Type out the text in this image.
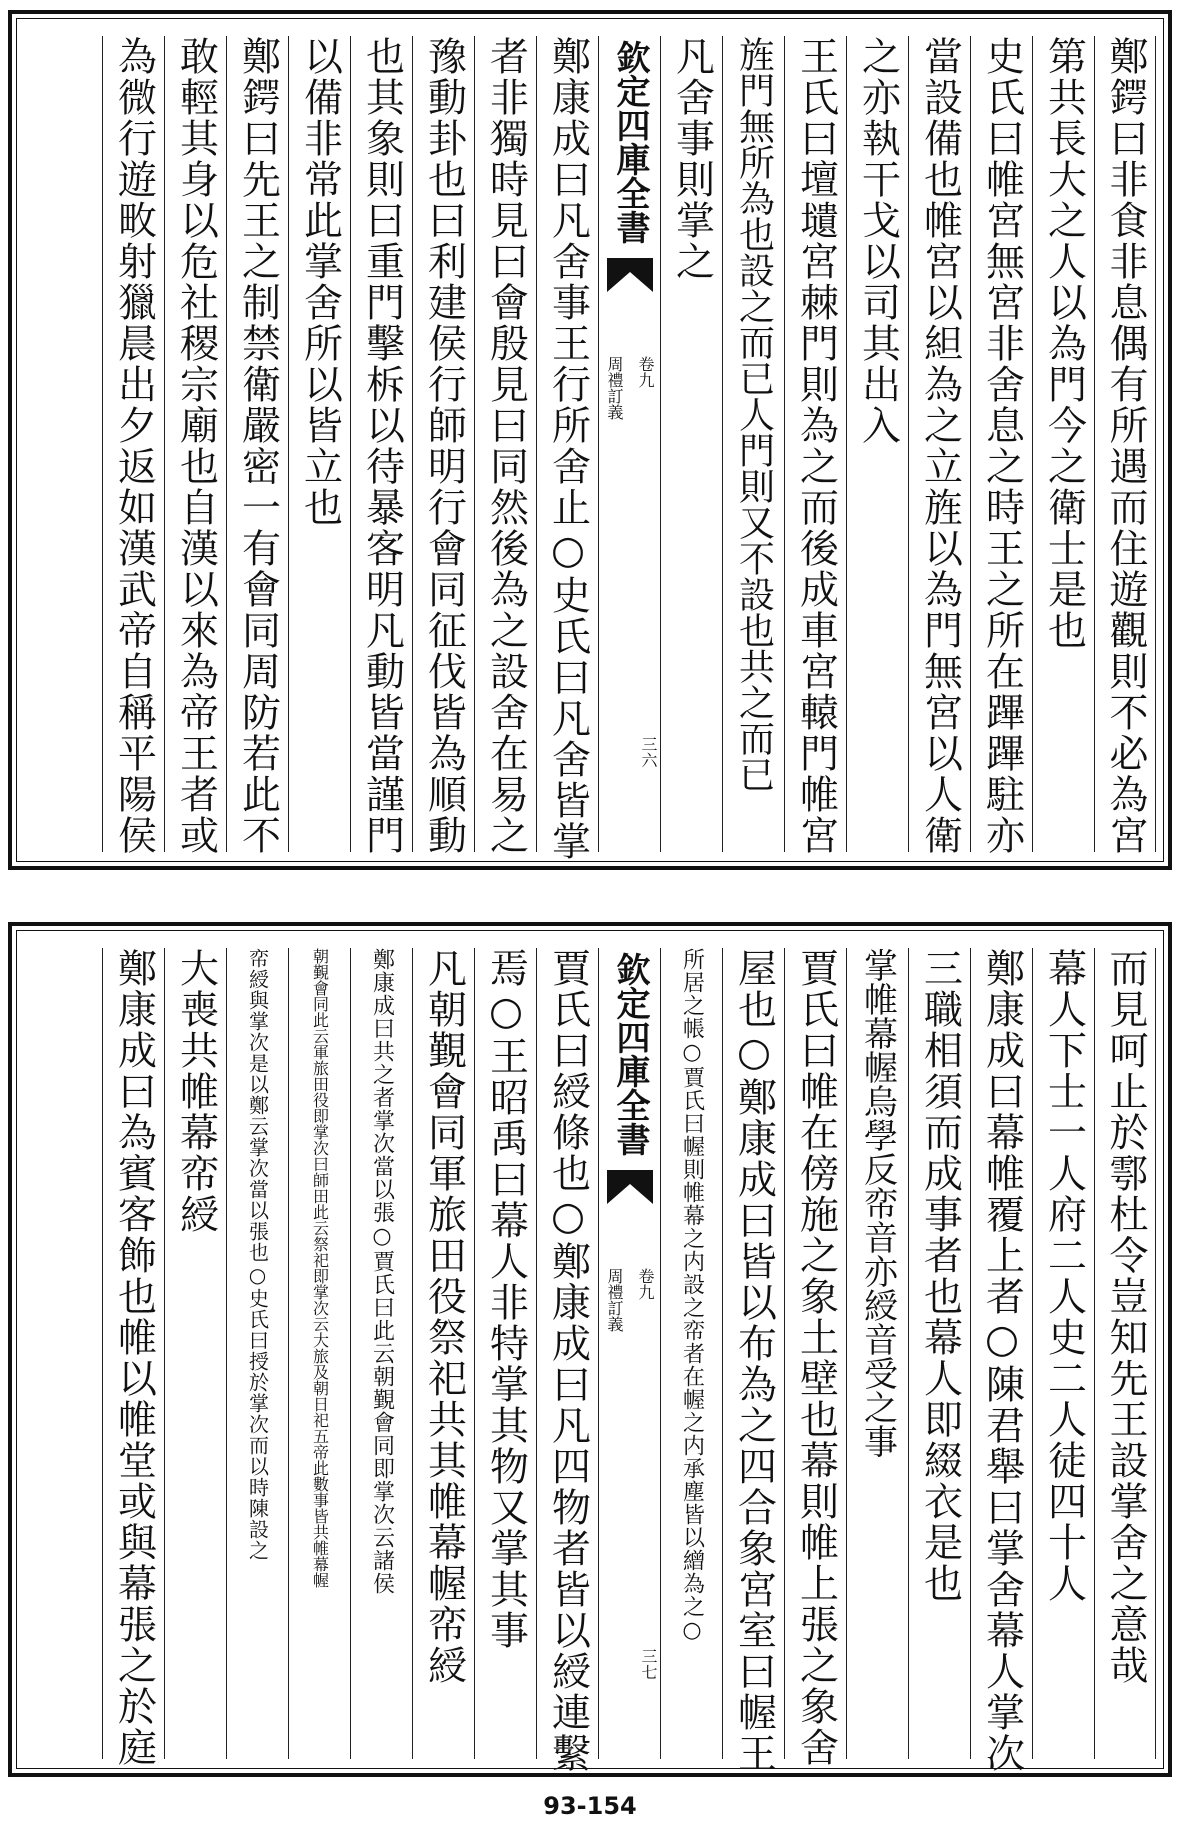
鄭鍔曰非食非息偶有所遇而住遊觀則不必為宮
第共長大之人以為門今之衛士是也
史氏曰帷宮無宮非舍息之時王之所在蹕蹕駐亦
當設備也帷宮以䋎為之立旌以為門無宮以人衛
之亦執干戈以司其出入
王氏曰壇壝宮棘門則為之而後成車宮轅門帷宮
旌門無所為也設之而已人門則又不設也共之而已
凡舍事則掌之
欽定四庫全書
周禮訂義 卷九
三六
鄭康成曰凡舍事王行所舍止○史氏曰凡舍皆掌
者非獨時見曰會殷見曰同然後為之設舍在易之
豫動卦也曰利建侯行師明行會同征伐皆為順動
也其象則曰重門擊柝以待暴客明凡動皆當謹門
以備非常此掌舍所以皆立也
鄭鍔曰先王之制禁衛嚴密一有會同周防若此不
敢輕其身以危社稷宗廟也自漢以來為帝王者或
為微行遊畋射獵晨出夕返如漢武帝自稱平陽侯
而見呵止於鄠杜令豈知先王設掌舍之意哉
幕人下士一人府二人史二人徒四十人
鄭康成曰幕帷覆上者○陳君舉曰掌舍幕人掌次
三職相須而成事者也幕人即綴衣是也
掌帷幕幄烏學反帟音亦綬音受之事
賈氏曰帷在傍施之象土壁也幕則帷上張之象舍
屋也○鄭康成曰皆以布為之四合象宮室曰幄王
所居之帳○賈氏曰幄則帷幕之内設之帟者在幄之内承塵皆以繒為之○
欽定四庫全書
周禮訂義 卷九
三七
賈氏曰綬條也○鄭康成曰凡四物者皆以綬連繫
焉○王昭禹曰幕人非特掌其物又掌其事
凡朝覲會同軍旅田役祭祀共其帷幕幄帟綬
鄭康成曰共之者掌次當以張○賈氏曰此云朝覲會同即掌次云諸侯
朝覲會同此云軍旅田役即掌次曰師田此云祭祀即掌次云大旅及朝日祀五帝此數事皆共帷幕幄
帟綬與掌次是以鄭云掌次當以張也○史氏曰授於掌次而以時陳設之
大喪共帷幕帟綬
鄭康成曰為賓客飾也帷以帷堂或與幕張之於庭
93-154
